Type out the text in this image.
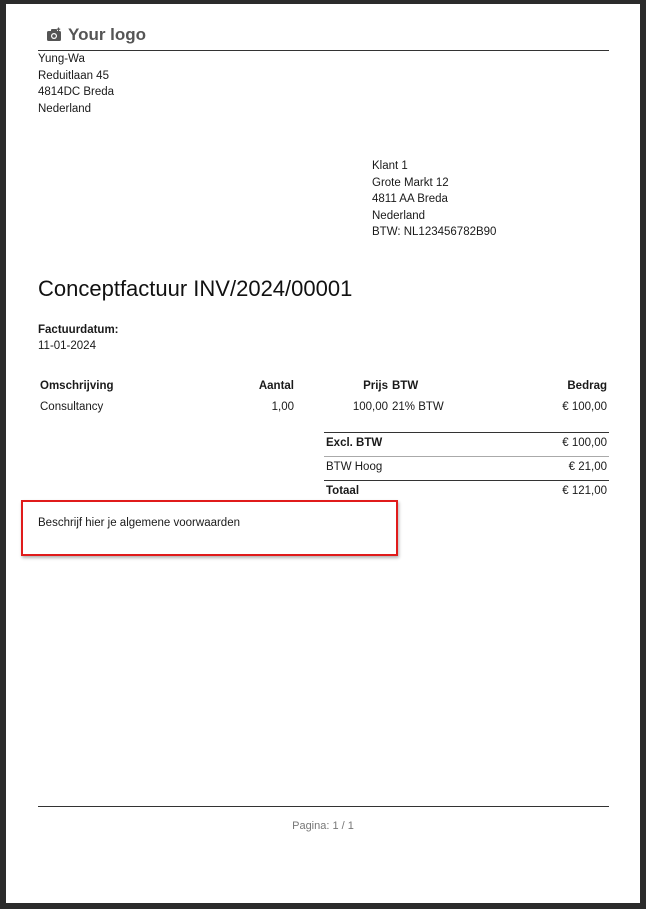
Your logo
Yung-Wa
Reduitlaan 45
4814DC Breda
Nederland
Klant 1
Grote Markt 12
4811 AA Breda
Nederland
BTW: NL123456782B90
Conceptfactuur INV/2024/00001
Factuurdatum:
11-01-2024
Omschrijving	Aantal	Prijs	BTW	Bedrag
Consultancy	1,00	100,00	21% BTW	€ 100,00
Excl. BTW	€ 100,00
BTW Hoog	€ 21,00
Totaal	€ 121,00
Beschrijf hier je algemene voorwaarden
Pagina: 1 / 1
